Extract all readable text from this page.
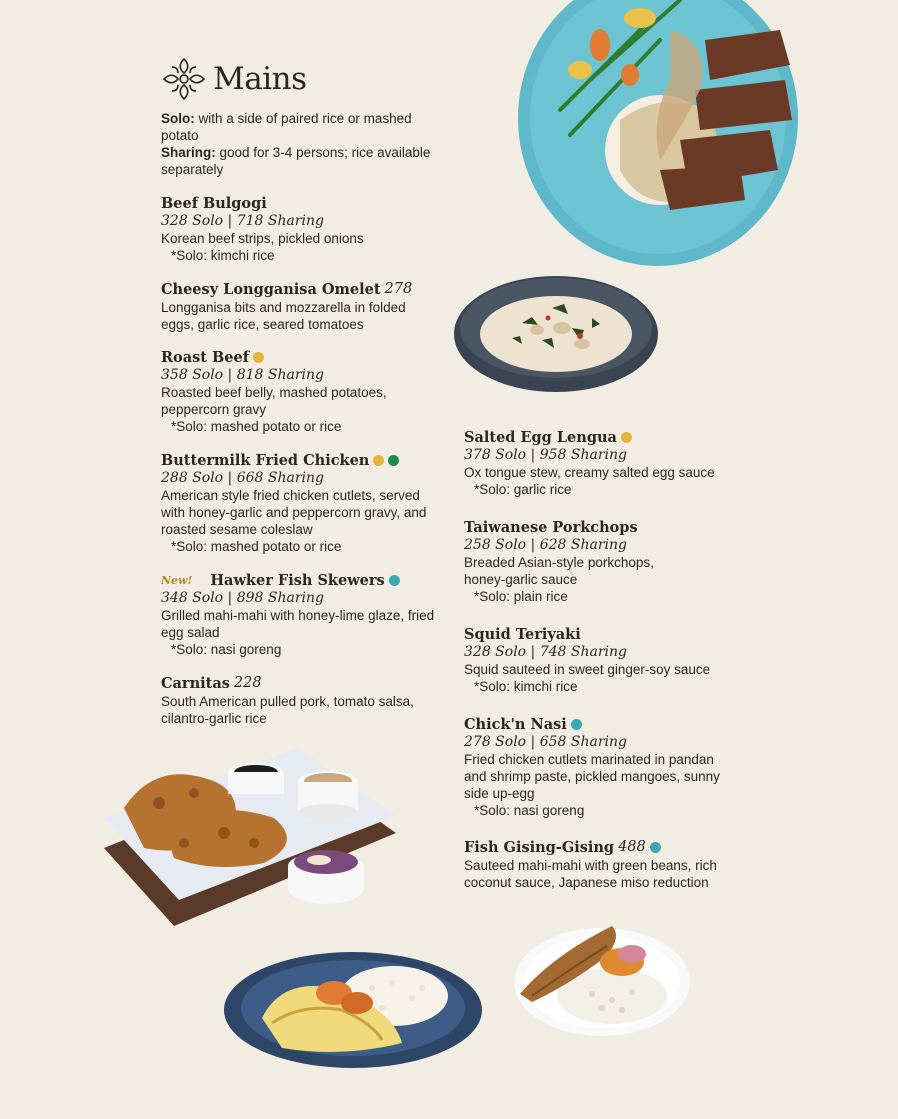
Mains
Solo: with a side of paired rice or mashed potato
Sharing: good for 3-4 persons; rice available separately
Beef Bulgogi
328 Solo | 718 Sharing
Korean beef strips, pickled onions
*Solo: kimchi rice
Cheesy Longganisa Omelet 278
Longganisa bits and mozzarella in folded eggs, garlic rice, seared tomatoes
Roast Beef
358 Solo | 818 Sharing
Roasted beef belly, mashed potatoes, peppercorn gravy
*Solo: mashed potato or rice
Buttermilk Fried Chicken
288 Solo | 668 Sharing
American style fried chicken cutlets, served with honey-garlic and peppercorn gravy, and roasted sesame coleslaw
*Solo: mashed potato or rice
New! Hawker Fish Skewers
348 Solo | 898 Sharing
Grilled mahi-mahi with honey-lime glaze, fried egg salad
*Solo: nasi goreng
Carnitas 228
South American pulled pork, tomato salsa, cilantro-garlic rice
Salted Egg Lengua
378 Solo | 958 Sharing
Ox tongue stew, creamy salted egg sauce
*Solo: garlic rice
Taiwanese Porkchops
258 Solo | 628 Sharing
Breaded Asian-style porkchops, honey-garlic sauce
*Solo: plain rice
Squid Teriyaki
328 Solo | 748 Sharing
Squid sauteed in sweet ginger-soy sauce
*Solo: kimchi rice
Chick'n Nasi
278 Solo | 658 Sharing
Fried chicken cutlets marinated in pandan and shrimp paste, pickled mangoes, sunny side up-egg
*Solo: nasi goreng
Fish Gising-Gising 488
Sauteed mahi-mahi with green beans, rich coconut sauce, Japanese miso reduction
